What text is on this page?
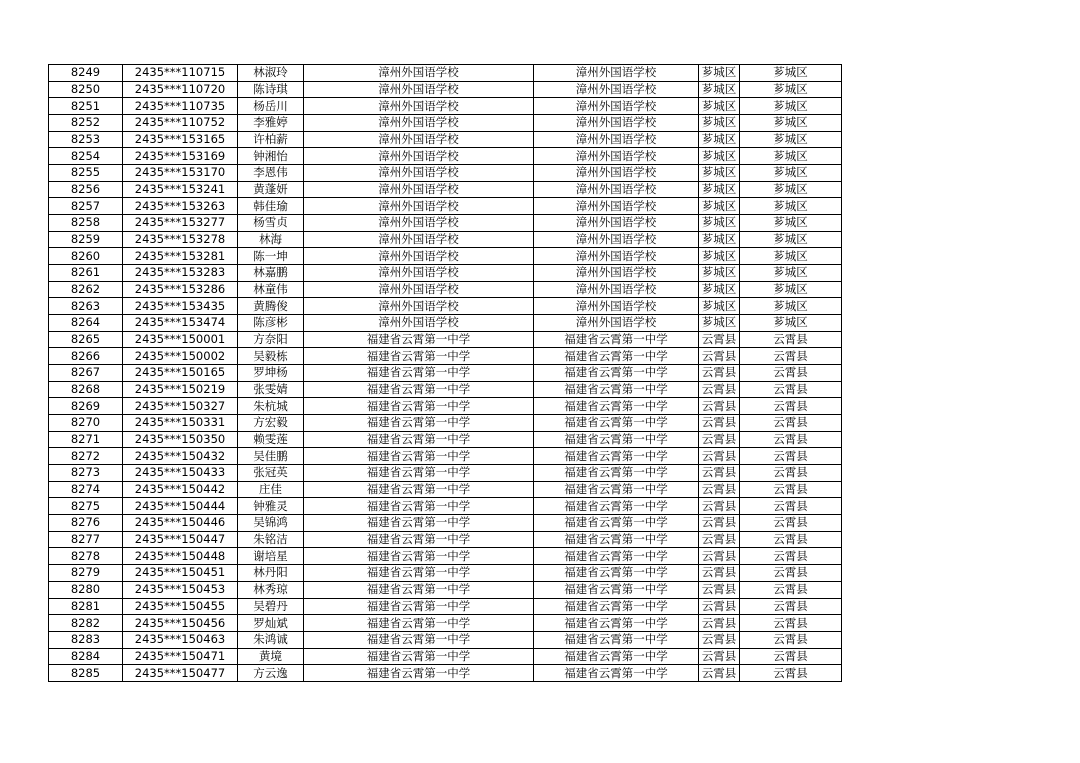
8249	2435***110715	林淑玲	漳州外国语学校	漳州外国语学校	芗城区	芗城区
8250	2435***110720	陈诗琪	漳州外国语学校	漳州外国语学校	芗城区	芗城区
8251	2435***110735	杨岳川	漳州外国语学校	漳州外国语学校	芗城区	芗城区
8252	2435***110752	李雅婷	漳州外国语学校	漳州外国语学校	芗城区	芗城区
8253	2435***153165	许柏薪	漳州外国语学校	漳州外国语学校	芗城区	芗城区
8254	2435***153169	钟湘怡	漳州外国语学校	漳州外国语学校	芗城区	芗城区
8255	2435***153170	李恩伟	漳州外国语学校	漳州外国语学校	芗城区	芗城区
8256	2435***153241	黄蓬妍	漳州外国语学校	漳州外国语学校	芗城区	芗城区
8257	2435***153263	韩佳瑜	漳州外国语学校	漳州外国语学校	芗城区	芗城区
8258	2435***153277	杨雪贞	漳州外国语学校	漳州外国语学校	芗城区	芗城区
8259	2435***153278	林海	漳州外国语学校	漳州外国语学校	芗城区	芗城区
8260	2435***153281	陈一坤	漳州外国语学校	漳州外国语学校	芗城区	芗城区
8261	2435***153283	林嘉鹏	漳州外国语学校	漳州外国语学校	芗城区	芗城区
8262	2435***153286	林童伟	漳州外国语学校	漳州外国语学校	芗城区	芗城区
8263	2435***153435	黄腾俊	漳州外国语学校	漳州外国语学校	芗城区	芗城区
8264	2435***153474	陈彦彬	漳州外国语学校	漳州外国语学校	芗城区	芗城区
8265	2435***150001	方奈阳	福建省云霄第一中学	福建省云霄第一中学	云霄县	云霄县
8266	2435***150002	吴毅栋	福建省云霄第一中学	福建省云霄第一中学	云霄县	云霄县
8267	2435***150165	罗坤杨	福建省云霄第一中学	福建省云霄第一中学	云霄县	云霄县
8268	2435***150219	张雯婧	福建省云霄第一中学	福建省云霄第一中学	云霄县	云霄县
8269	2435***150327	朱杭城	福建省云霄第一中学	福建省云霄第一中学	云霄县	云霄县
8270	2435***150331	方宏毅	福建省云霄第一中学	福建省云霄第一中学	云霄县	云霄县
8271	2435***150350	赖雯莲	福建省云霄第一中学	福建省云霄第一中学	云霄县	云霄县
8272	2435***150432	吴佳鹏	福建省云霄第一中学	福建省云霄第一中学	云霄县	云霄县
8273	2435***150433	张冠英	福建省云霄第一中学	福建省云霄第一中学	云霄县	云霄县
8274	2435***150442	庄佳	福建省云霄第一中学	福建省云霄第一中学	云霄县	云霄县
8275	2435***150444	钟雅灵	福建省云霄第一中学	福建省云霄第一中学	云霄县	云霄县
8276	2435***150446	吴锦鸿	福建省云霄第一中学	福建省云霄第一中学	云霄县	云霄县
8277	2435***150447	朱铭洁	福建省云霄第一中学	福建省云霄第一中学	云霄县	云霄县
8278	2435***150448	谢培星	福建省云霄第一中学	福建省云霄第一中学	云霄县	云霄县
8279	2435***150451	林丹阳	福建省云霄第一中学	福建省云霄第一中学	云霄县	云霄县
8280	2435***150453	林秀琼	福建省云霄第一中学	福建省云霄第一中学	云霄县	云霄县
8281	2435***150455	吴碧丹	福建省云霄第一中学	福建省云霄第一中学	云霄县	云霄县
8282	2435***150456	罗灿斌	福建省云霄第一中学	福建省云霄第一中学	云霄县	云霄县
8283	2435***150463	朱鸿诚	福建省云霄第一中学	福建省云霄第一中学	云霄县	云霄县
8284	2435***150471	黄境	福建省云霄第一中学	福建省云霄第一中学	云霄县	云霄县
8285	2435***150477	方云逸	福建省云霄第一中学	福建省云霄第一中学	云霄县	云霄县
